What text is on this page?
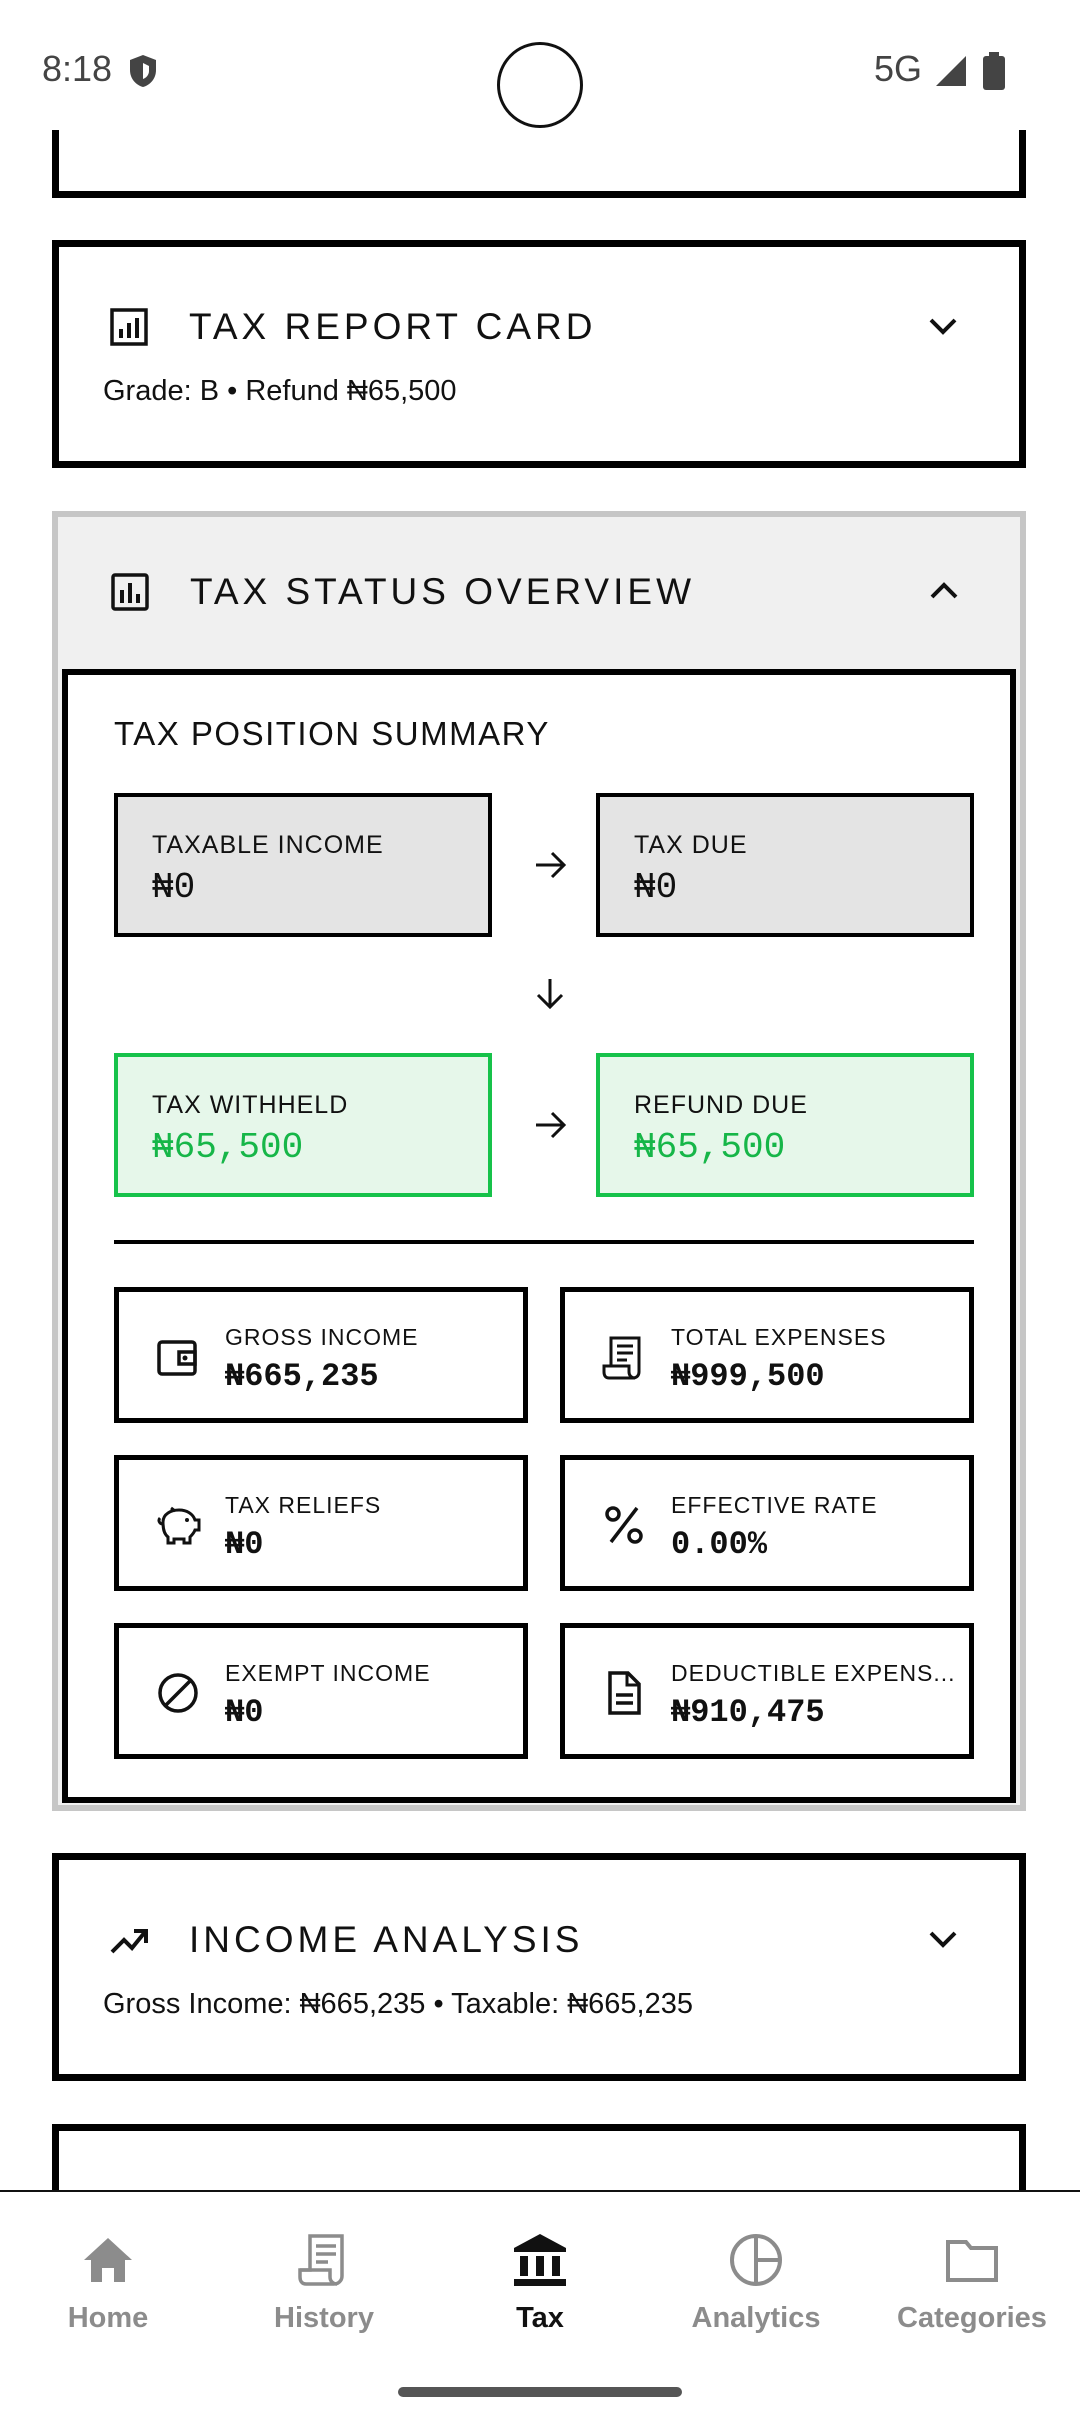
8:18	5G
TAX REPORT CARD
Grade: B • Refund ₦65,500
TAX STATUS OVERVIEW
TAX POSITION SUMMARY
TAXABLE INCOME
₦0
TAX DUE
₦0
TAX WITHHELD
₦65,500
REFUND DUE
₦65,500
GROSS INCOME
₦665,235
TOTAL EXPENSES
₦999,500
TAX RELIEFS
₦0
EFFECTIVE RATE
0.00%
EXEMPT INCOME
₦0
DEDUCTIBLE EXPENS...
₦910,475
INCOME ANALYSIS
Gross Income: ₦665,235 • Taxable: ₦665,235
Home	History	Tax	Analytics	Categories
